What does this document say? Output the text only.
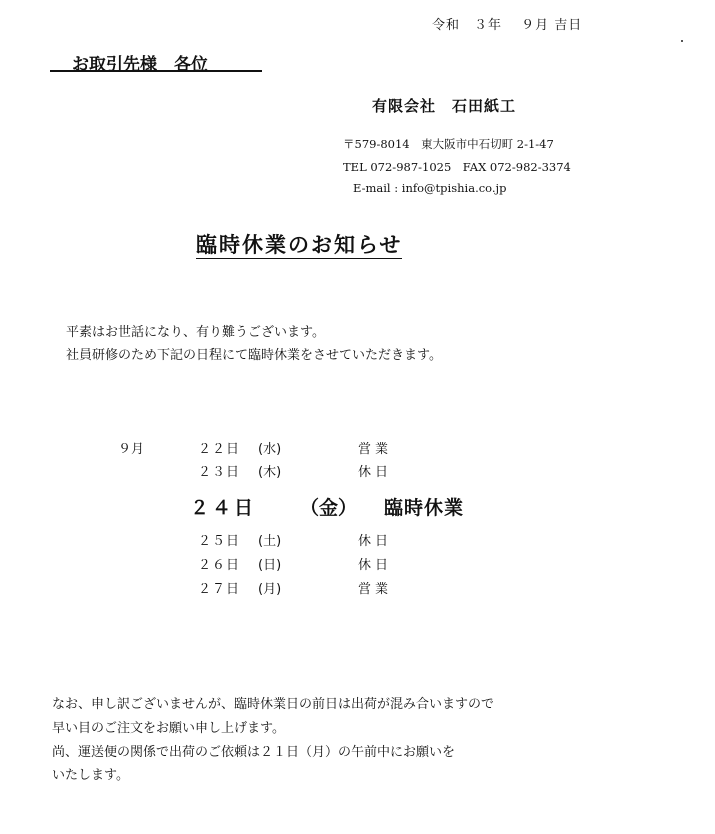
令和　３年　 ９月 吉日
お取引先様　各位
有限会社　石田紙工
〒579-8014　東大阪市中石切町 2-1-47
TEL 072-987-1025　FAX 072-982-3374
E-mail : info@tpishia.co.jp
臨時休業のお知らせ
平素はお世話になり、有り難うございます。
社員研修のため下記の日程にて臨時休業をさせていただきます。
９月	２２日 (水)	営業
２３日 (木)	休日
２４日 （金） 臨時休業
２５日 (土)	休日
２６日 (日)	休日
２７日 (月)	営業
なお、申し訳ございませんが、臨時休業日の前日は出荷が混み合いますので
早い目のご注文をお願い申し上げます。
尚、運送便の関係で出荷のご依頼は２１日（月）の午前中にお願いを
いたします。
